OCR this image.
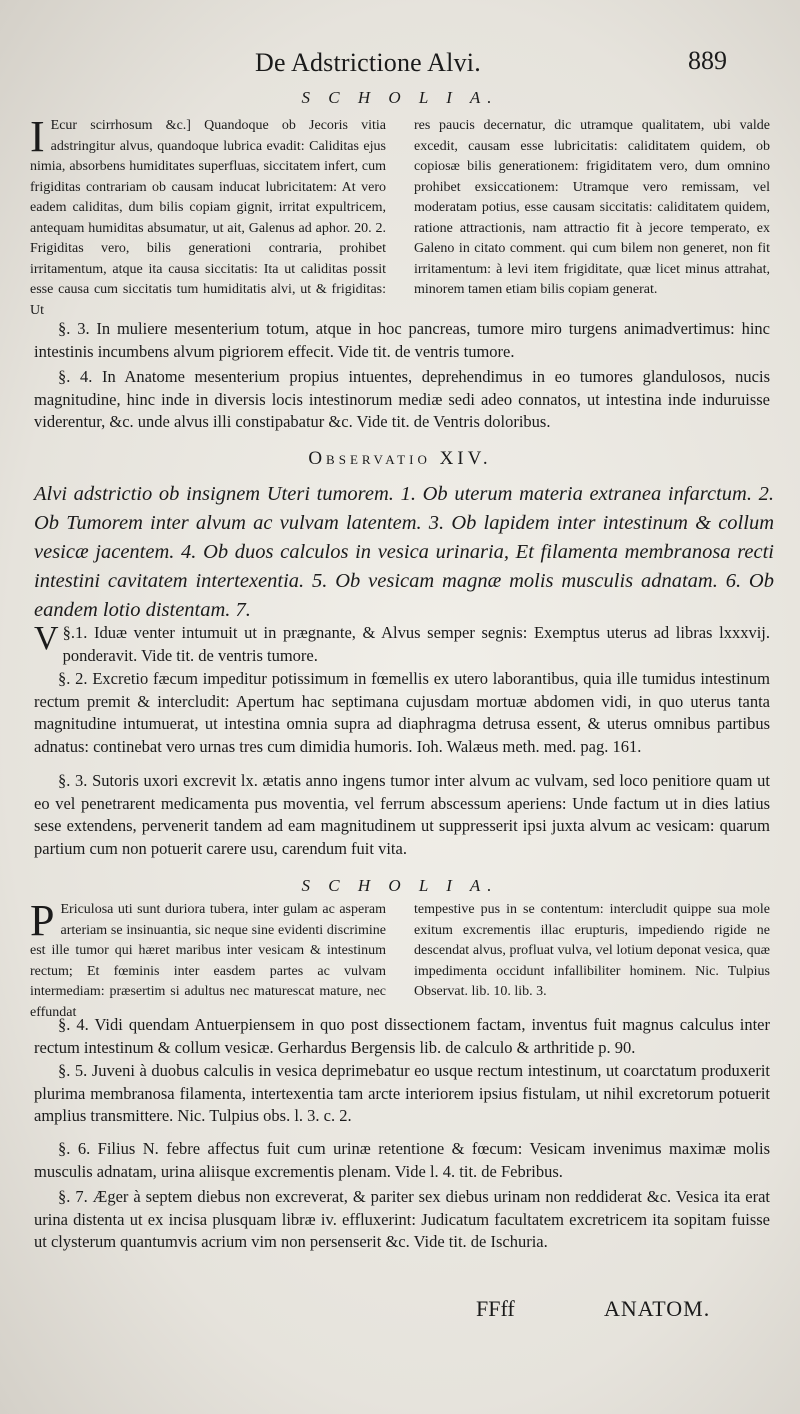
De Adstrictione Alvi.	889
S C H O L I A.
I Ecur scirrhosum &c.] Quandoque ob Jecoris vitia adstringitur alvus, quandoque lubrica evadit: Caliditas ejus nimia, absorbens humiditates superfluas, siccitatem infert, cum frigiditas contrariam ob causam inducat lubricitatem: At vero eadem caliditas, dum bilis copiam gignit, irritat expultricem, antequam humiditas absumatur, ut ait, Galenus ad aphor. 20. 2. Frigiditas vero, bilis generationi contraria, prohibet irritamentum, atque ita causa siccitatis: Ita ut caliditas possit esse causa cum siccitatis tum humiditatis alvi, ut & frigiditas: Ut
res paucis decernatur, dic utramque qualitatem, ubi valde excedit, causam esse lubricitatis: caliditatem quidem, ob copiosæ bilis generationem: frigiditatem vero, dum omnino prohibet exsiccationem: Utramque vero remissam, vel moderatam potius, esse causam siccitatis: caliditatem quidem, ratione attractionis, nam attractio fit à jecore temperato, ex Galeno in citato comment. qui cum bilem non generet, non fit irritamentum: à levi item frigiditate, quæ licet minus attrahat, minorem tamen etiam bilis copiam generat.
§. 3. In muliere mesenterium totum, atque in hoc pancreas, tumore miro turgens animadvertimus: hinc intestinis incumbens alvum pigriorem effecit. Vide tit. de ventris tumore.
§. 4. In Anatome mesenterium propius intuentes, deprehendimus in eo tumores glandulosos, nucis magnitudine, hinc inde in diversis locis intestinorum mediæ sedi adeo connatos, ut intestina inde induruisse viderentur, &c. unde alvus illi constipabatur &c. Vide tit. de Ventris doloribus.
Observatio XIV.
Alvi adstrictio ob insignem Uteri tumorem. 1. Ob uterum materia extranea infarctum. 2. Ob Tumorem inter alvum ac vulvam latentem. 3. Ob lapidem inter intestinum & collum vesicæ jacentem. 4. Ob duos calculos in vesica urinaria, Et filamenta membranosa recti intestini cavitatem intertexentia. 5. Ob vesicam magnæ molis musculis adnatam. 6. Ob eandem lotio distentam. 7.
§.1.
V Iduæ venter intumuit ut in prægnante, & Alvus semper segnis: Exemptus uterus ad libras lxxxvij. ponderavit. Vide tit. de ventris tumore.
§. 2. Excretio fæcum impeditur potissimum in fœmellis ex utero laborantibus, quia ille tumidus intestinum rectum premit & intercludit: Apertum hac septimana cujusdam mortuæ abdomen vidi, in quo uterus tanta magnitudine intumuerat, ut intestina omnia supra ad diaphragma detrusa essent, & uterus omnibus partibus adnatus: continebat vero urnas tres cum dimidia humoris. Ioh. Walæus meth. med. pag. 161.
§. 3. Sutoris uxori excrevit lx. ætatis anno ingens tumor inter alvum ac vulvam, sed loco penitiore quam ut eo vel penetrarent medicamenta pus moventia, vel ferrum abscessum aperiens: Unde factum ut in dies latius sese extendens, pervenerit tandem ad eam magnitudinem ut suppresserit ipsi juxta alvum ac vesicam: quarum partium cum non potuerit carere usu, carendum fuit vita.
S C H O L I A.
P Ericulosa uti sunt duriora tubera, inter gulam ac asperam arteriam se insinuantia, sic neque sine evidenti discrimine est ille tumor qui hæret maribus inter vesicam & intestinum rectum; Et fœminis inter easdem partes ac vulvam intermediam: præsertim si adultus nec maturescat mature, nec effundat
tempestive pus in se contentum: intercludit quippe sua mole exitum excrementis illac erupturis, impediendo rigide ne descendat alvus, profluat vulva, vel lotium deponat vesica, quæ impedimenta occidunt infallibiliter hominem. Nic. Tulpius Observat. lib. 10. lib. 3.
§. 4. Vidi quendam Antuerpiensem in quo post dissectionem factam, inventus fuit magnus calculus inter rectum intestinum & collum vesicæ. Gerhardus Bergensis lib. de calculo & arthritide p. 90.
§. 5. Juveni à duobus calculis in vesica deprimebatur eo usque rectum intestinum, ut coarctatum produxerit plurima membranosa filamenta, intertexentia tam arcte interiorem ipsius fistulam, ut nihil excretorum potuerit amplius transmittere. Nic. Tulpius obs. l. 3. c. 2.
§. 6. Filius N. febre affectus fuit cum urinæ retentione & fœcum: Vesicam invenimus maximæ molis musculis adnatam, urina aliisque excrementis plenam. Vide l. 4. tit. de Febribus.
§. 7. Æger à septem diebus non excreverat, & pariter sex diebus urinam non reddiderat &c. Vesica ita erat urina distenta ut ex incisa plusquam libræ iv. effluxerint: Judicatum facultatem excretricem ita sopitam fuisse ut clysterum quantumvis acrium vim non persenserit &c. Vide tit. de Ischuria.
FFff	ANATOM.
